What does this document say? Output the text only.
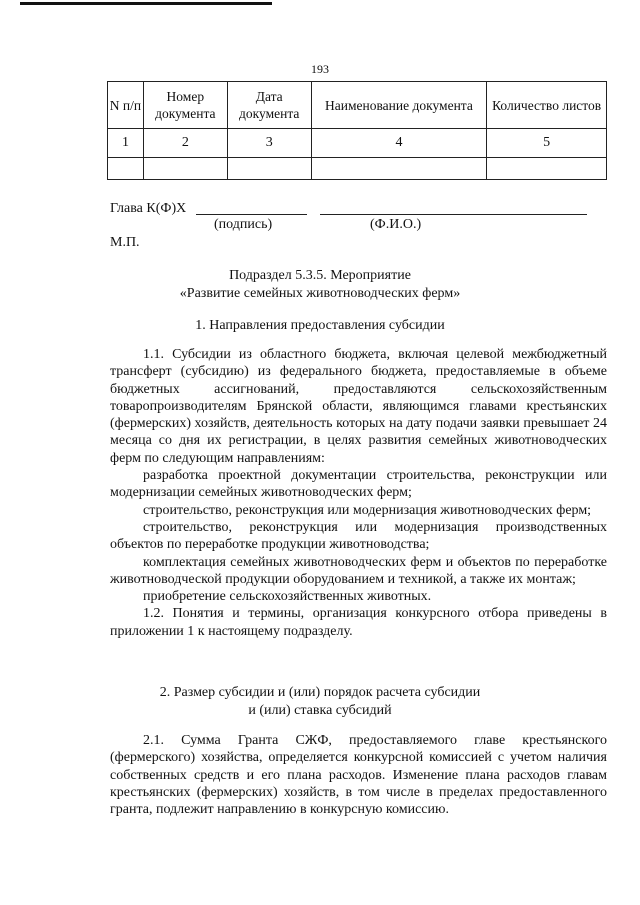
193
N п/п	Номер документа	Дата документа	Наименование документа	Количество листов
1	2	3	4	5

Глава К(Ф)Х
(подпись)	(Ф.И.О.)
М.П.
Подраздел 5.3.5. Мероприятие
«Развитие семейных животноводческих ферм»
1. Направления предоставления субсидии

1.1. Субсидии из областного бюджета, включая целевой межбюджетный трансферт (субсидию) из федерального бюджета, предоставляемые в объеме бюджетных ассигнований, предоставляются сельскохозяйственным товаропроизводителям Брянской области, являющимся главами крестьянских (фермерских) хозяйств, деятельность которых на дату подачи заявки превышает 24 месяца со дня их регистрации, в целях развития семейных животноводческих ферм по следующим направлениям:

разработка проектной документации строительства, реконструкции или модернизации семейных животноводческих ферм;

строительство, реконструкция или модернизация животноводческих ферм;

строительство, реконструкция или модернизация производственных объектов по переработке продукции животноводства;

комплектация семейных животноводческих ферм и объектов по переработке животноводческой продукции оборудованием и техникой, а также их монтаж;

приобретение сельскохозяйственных животных.

1.2. Понятия и термины, организация конкурсного отбора приведены в приложении 1 к настоящему подразделу.

2. Размер субсидии и (или) порядок расчета субсидии
и (или) ставка субсидий

2.1. Сумма Гранта СЖФ, предоставляемого главе крестьянского (фермерского) хозяйства, определяется конкурсной комиссией с учетом наличия собственных средств и его плана расходов. Изменение плана расходов главам крестьянских (фермерских) хозяйств, в том числе в пределах предоставленного гранта, подлежит направлению в конкурсную комиссию.
